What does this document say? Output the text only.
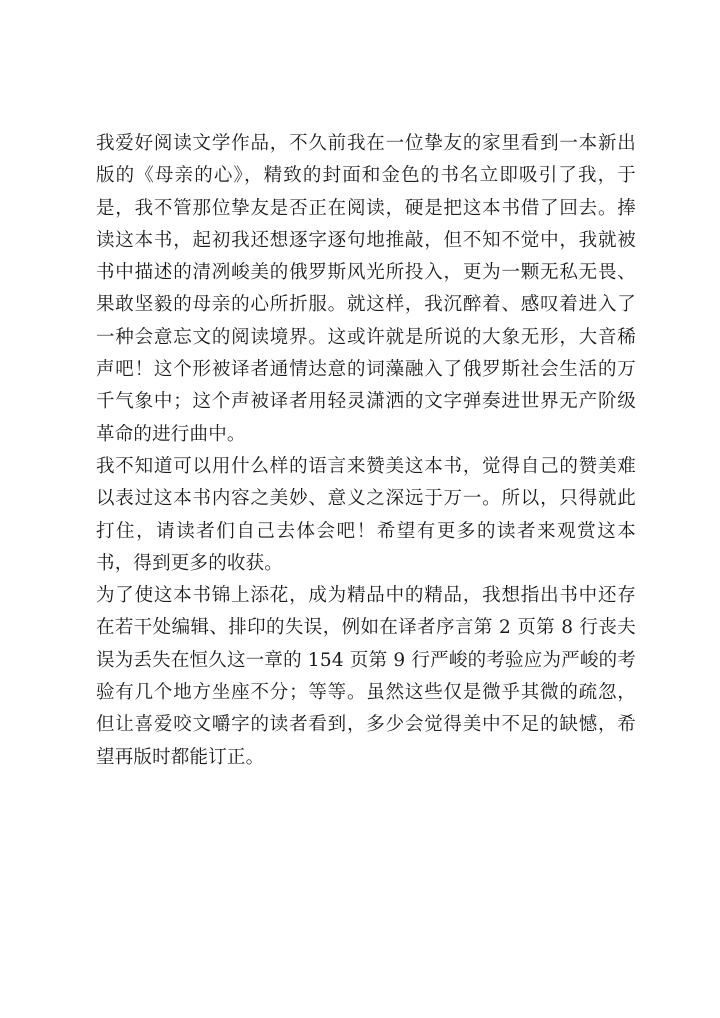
我爱好阅读文学作品，不久前我在一位挚友的家里看到一本新出版的《母亲的心》，精致的封面和金色的书名立即吸引了我，于是，我不管那位挚友是否正在阅读，硬是把这本书借了回去。捧读这本书，起初我还想逐字逐句地推敲，但不知不觉中，我就被书中描述的清冽峻美的俄罗斯风光所投入，更为一颗无私无畏、果敢坚毅的母亲的心所折服。就这样，我沉醉着、感叹着进入了一种会意忘文的阅读境界。这或许就是所说的大象无形，大音稀声吧！这个形被译者通情达意的词藻融入了俄罗斯社会生活的万千气象中；这个声被译者用轻灵潇洒的文字弹奏进世界无产阶级革命的进行曲中。

我不知道可以用什么样的语言来赞美这本书，觉得自己的赞美难以表过这本书内容之美妙、意义之深远于万一。所以，只得就此打住，请读者们自己去体会吧！希望有更多的读者来观赏这本书，得到更多的收获。

为了使这本书锦上添花，成为精品中的精品，我想指出书中还存在若干处编辑、排印的失误，例如在译者序言第 2 页第 8 行丧夫误为丢失在恒久这一章的 154 页第 9 行严峻的考验应为严峻的考验有几个地方坐座不分；等等。虽然这些仅是微乎其微的疏忽，但让喜爱咬文嚼字的读者看到，多少会觉得美中不足的缺憾，希望再版时都能订正。
